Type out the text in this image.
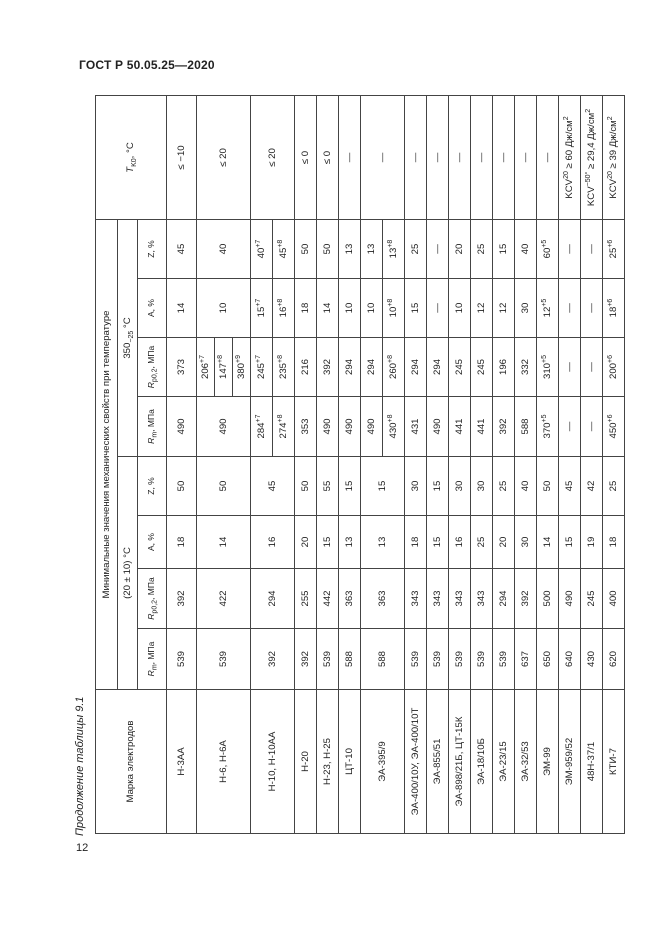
ГОСТ Р 50.05.25—2020
Продолжение таблицы 9.1
12
Марка электродов	Минимальные значения механических свойств при температуре								$T_{K0}$, °С
	(20 ± 10) °С				$350_{-25}$ °С				
	$R_m$, МПа	$R_{p0,2}$, МПа	A, %	Z, %	$R_m$, МПа	$R_{p0,2}$, МПа	A, %	Z, %	
Н-3АА	539	392	18	50	490	373	14	45	≤ −10
Н-6, Н-6А	539	422	14	50	490	$206^{+7}$	10	40	≤ 20
						$147^{+8}$
						$380^{+9}$
Н-10, Н-10АА	392	294	16	45	$284^{+7}$	$245^{+7}$	$15^{+7}$	$40^{+7}$	≤ 20
					$274^{+8}$	$235^{+8}$	$16^{+8}$	$45^{+8}$
Н-20	392	255	20	50	353	216	18	50	≤ 0
Н-23, Н-25	539	442	15	55	490	392	14	50	≤ 0
ЦТ-10	588	363	13	15	490	294	10	13	—
ЭА-395/9	588	363	13	15	490	294	10	13	—
					$430^{+8}$	$260^{+8}$	$10^{+8}$	$13^{+8}$
ЭА-400/10У, ЭА-400/10Т	539	343	18	30	431	294	15	25	—
ЭА-855/51	539	343	15	15	490	294	—	—	—
ЭА-898/21Б, ЦТ-15К	539	343	16	30	441	245	10	20	—
ЭА-18/10Б	539	343	25	30	441	245	12	25	—
ЭА-23/15	539	294	20	25	392	196	12	15	—
ЭА-32/53	637	392	30	40	588	332	30	40	—
ЭМ-99	650	500	14	50	$370^{+5}$	$310^{+5}$	$12^{+5}$	$60^{+5}$	—
ЭМ-959/52	640	490	15	45	—	—	—	—	$KCV^{20} \ge 60$ $Дж/см^2$
48Н-37/1	430	245	19	42	—	—	—	—	$KCV^{-50^\circ} \ge 29,4$ $Дж/см^2$
КТИ-7	620	400	18	25	$450^{+6}$	$200^{+6}$	$18^{+6}$	$25^{+6}$	$KCV^{20} \ge 39$ $Дж/см^2$
